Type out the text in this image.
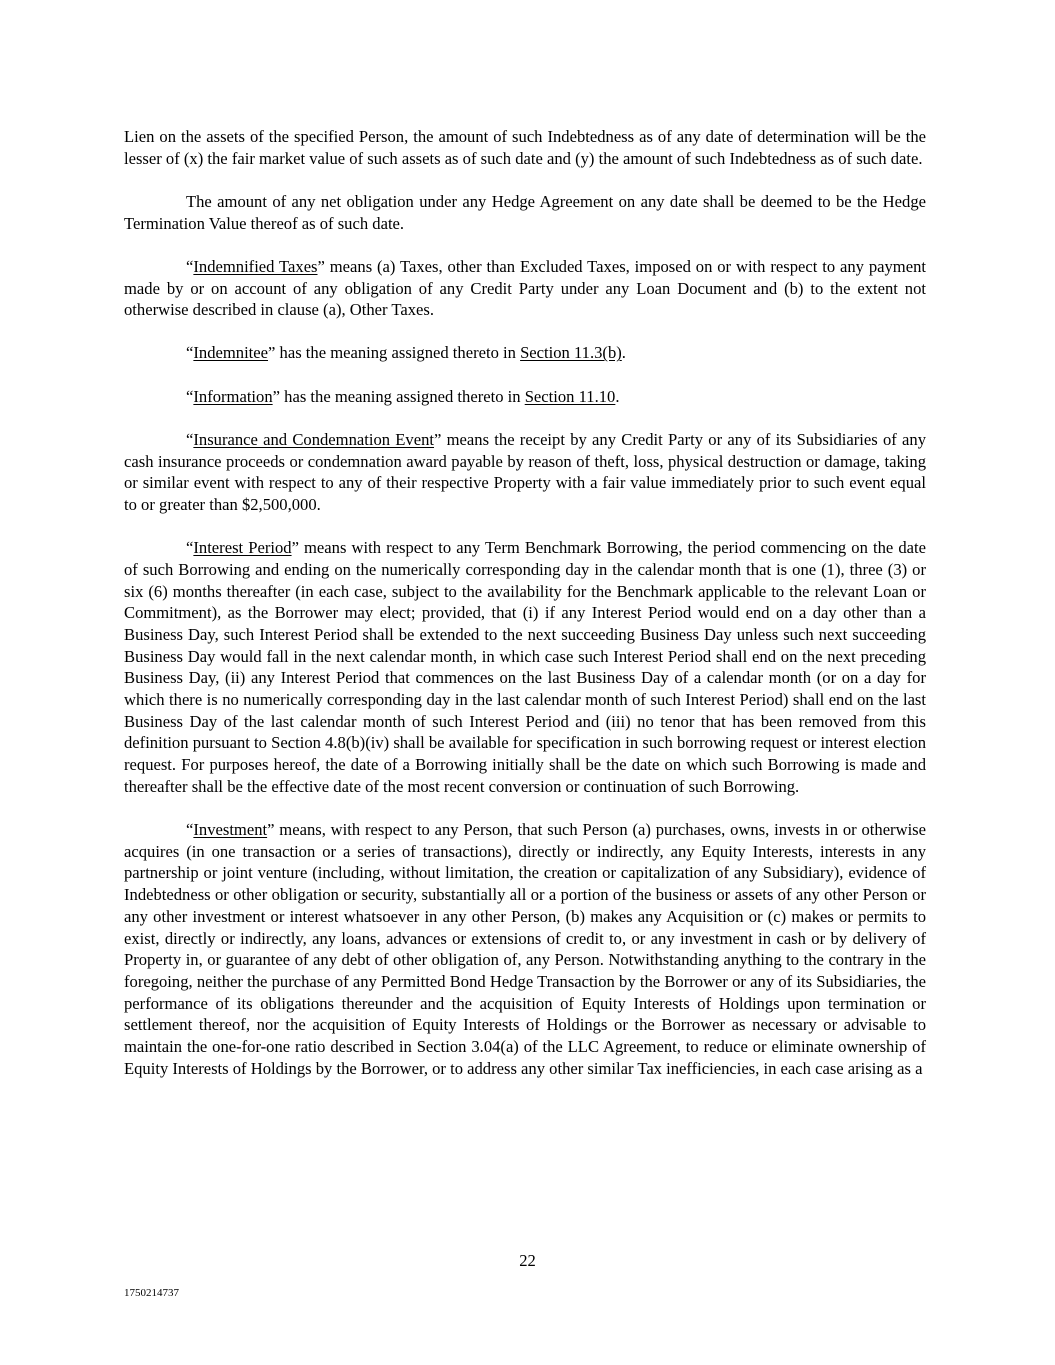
Lien on the assets of the specified Person, the amount of such Indebtedness as of any date of determination will be the lesser of (x) the fair market value of such assets as of such date and (y) the amount of such Indebtedness as of such date.

The amount of any net obligation under any Hedge Agreement on any date shall be deemed to be the Hedge Termination Value thereof as of such date.

“Indemnified Taxes” means (a) Taxes, other than Excluded Taxes, imposed on or with respect to any payment made by or on account of any obligation of any Credit Party under any Loan Document and (b) to the extent not otherwise described in clause (a), Other Taxes.

“Indemnitee” has the meaning assigned thereto in Section 11.3(b).

“Information” has the meaning assigned thereto in Section 11.10.

“Insurance and Condemnation Event” means the receipt by any Credit Party or any of its Subsidiaries of any cash insurance proceeds or condemnation award payable by reason of theft, loss, physical destruction or damage, taking or similar event with respect to any of their respective Property with a fair value immediately prior to such event equal to or greater than $2,500,000.

“Interest Period” means with respect to any Term Benchmark Borrowing, the period commencing on the date of such Borrowing and ending on the numerically corresponding day in the calendar month that is one (1), three (3) or six (6) months thereafter (in each case, subject to the availability for the Benchmark applicable to the relevant Loan or Commitment), as the Borrower may elect; provided, that (i) if any Interest Period would end on a day other than a Business Day, such Interest Period shall be extended to the next succeeding Business Day unless such next succeeding Business Day would fall in the next calendar month, in which case such Interest Period shall end on the next preceding Business Day, (ii) any Interest Period that commences on the last Business Day of a calendar month (or on a day for which there is no numerically corresponding day in the last calendar month of such Interest Period) shall end on the last Business Day of the last calendar month of such Interest Period and (iii) no tenor that has been removed from this definition pursuant to Section 4.8(b)(iv) shall be available for specification in such borrowing request or interest election request. For purposes hereof, the date of a Borrowing initially shall be the date on which such Borrowing is made and thereafter shall be the effective date of the most recent conversion or continuation of such Borrowing.

“Investment” means, with respect to any Person, that such Person (a) purchases, owns, invests in or otherwise acquires (in one transaction or a series of transactions), directly or indirectly, any Equity Interests, interests in any partnership or joint venture (including, without limitation, the creation or capitalization of any Subsidiary), evidence of Indebtedness or other obligation or security, substantially all or a portion of the business or assets of any other Person or any other investment or interest whatsoever in any other Person, (b) makes any Acquisition or (c) makes or permits to exist, directly or indirectly, any loans, advances or extensions of credit to, or any investment in cash or by delivery of Property in, or guarantee of any debt of other obligation of, any Person. Notwithstanding anything to the contrary in the foregoing, neither the purchase of any Permitted Bond Hedge Transaction by the Borrower or any of its Subsidiaries, the performance of its obligations thereunder and the acquisition of Equity Interests of Holdings upon termination or settlement thereof, nor the acquisition of Equity Interests of Holdings or the Borrower as necessary or advisable to maintain the one-for-one ratio described in Section 3.04(a) of the LLC Agreement, to reduce or eliminate ownership of Equity Interests of Holdings by the Borrower, or to address any other similar Tax inefficiencies, in each case arising as a

22
1750214737
